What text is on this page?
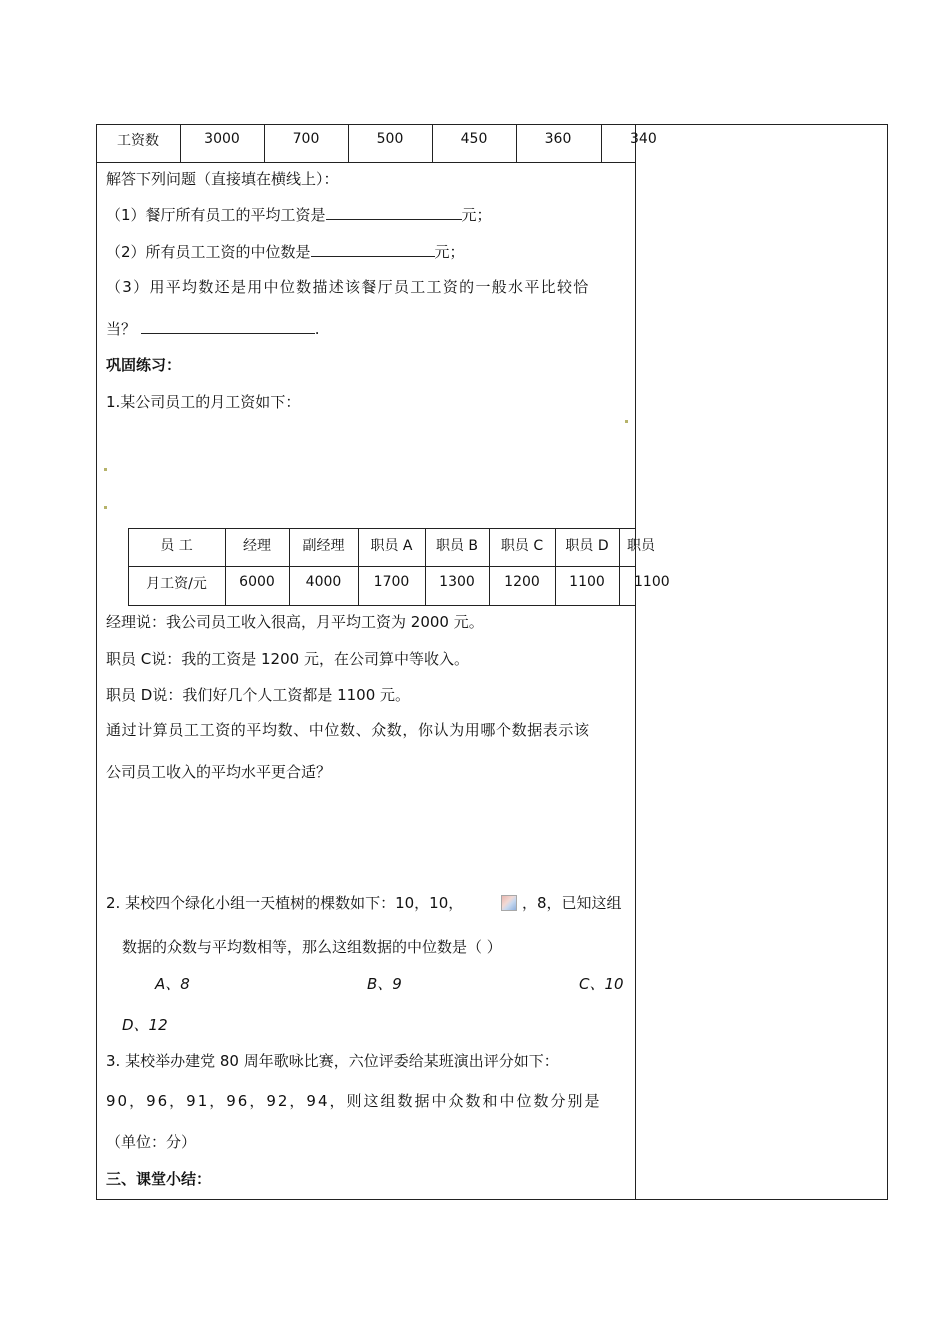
工资数	3000	700	500	450	360	340
解答下列问题（直接填在横线上）：
（1）餐厅所有员工的平均工资是	元；
（2）所有员工工资的中位数是	元；
（3）用平均数还是用中位数描述该餐厅员工工资的一般水平比较恰
当？	.
巩固练习：
1.某公司员工的月工资如下：
员 工	经理	副经理	职员 A	职员 B	职员 C	职员 D	职员
月工资/元	6000	4000	1700	1300	1200	1100	1100
经理说：我公司员工收入很高，月平均工资为 2000 元。
职员 C说：我的工资是 1200 元，在公司算中等收入。
职员 D说：我们好几个人工资都是 1100 元。
通过计算员工工资的平均数、中位数、众数，你认为用哪个数据表示该
公司员工收入的平均水平更合适？
2. 某校四个绿化小组一天植树的棵数如下：10，10，	，8，已知这组
数据的众数与平均数相等，那么这组数据的中位数是（ ）
A、8	B、9	C、10
D、12
3. 某校举办建党 80 周年歌咏比赛，六位评委给某班演出评分如下：
90，96，91，96，92，94，则这组数据中众数和中位数分别是
（单位：分）
三、课堂小结：
